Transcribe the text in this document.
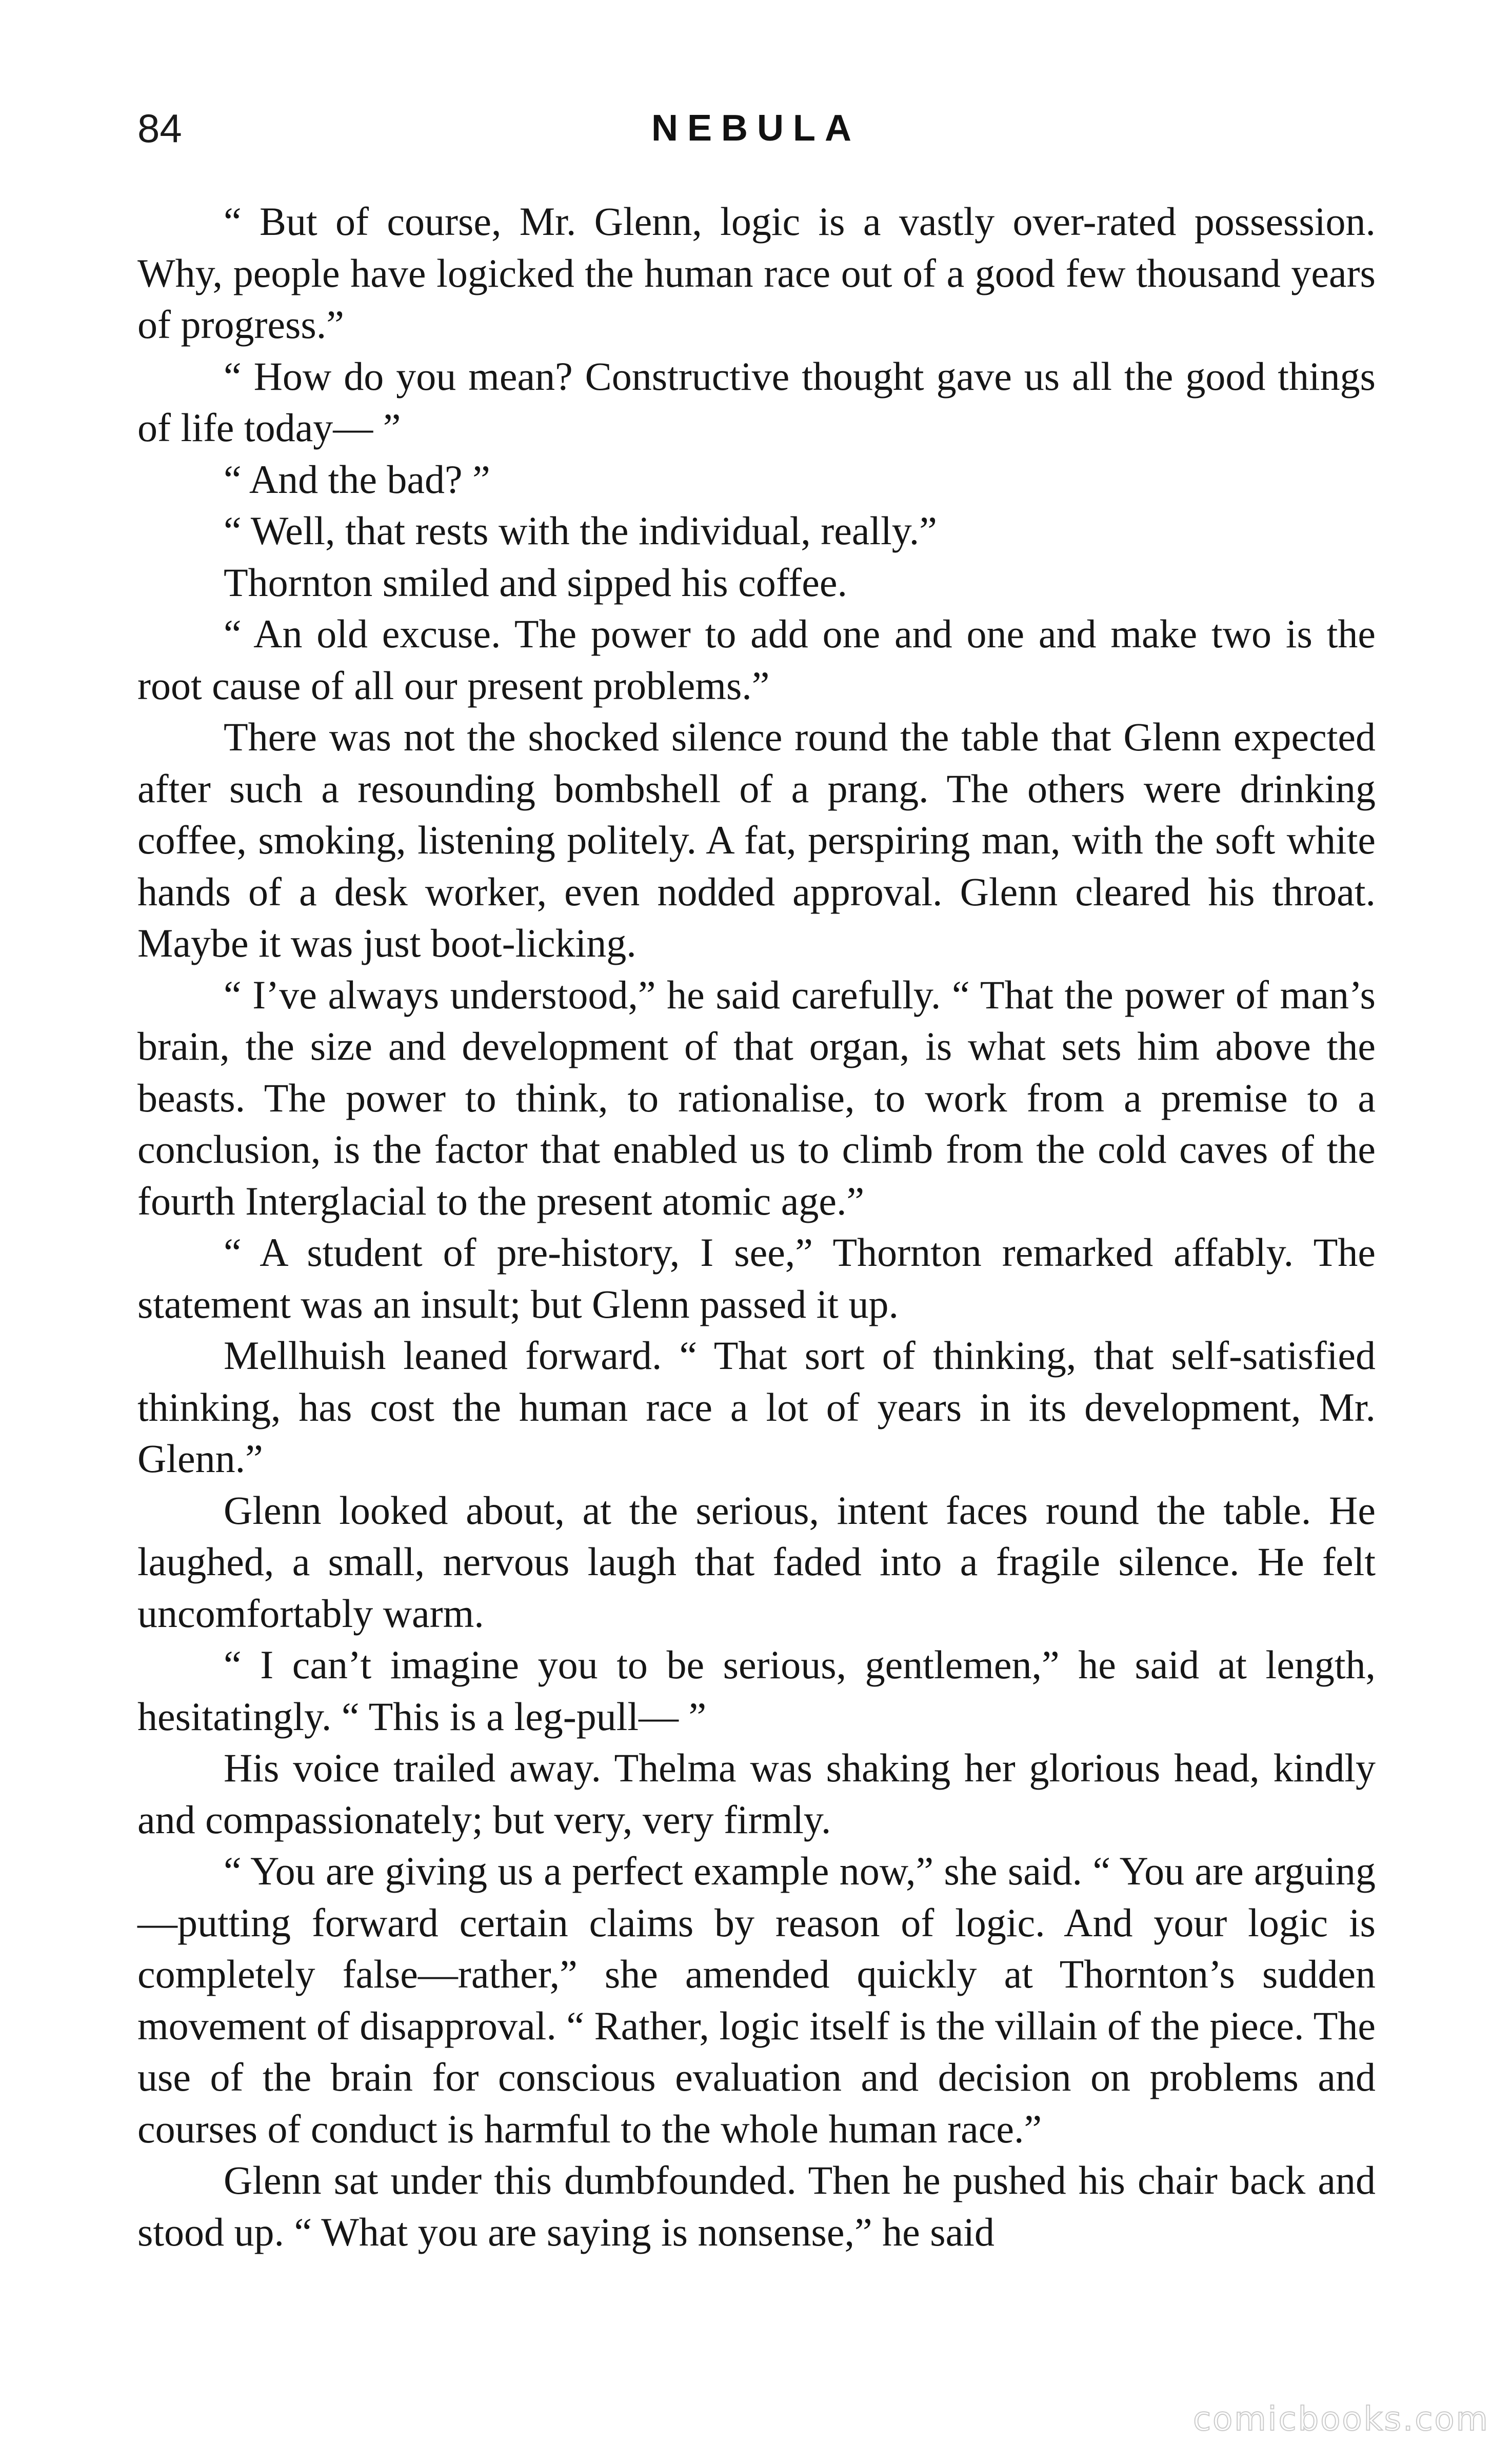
84	NEBULA

“ But of course, Mr. Glenn, logic is a vastly over-rated possession. Why, people have logicked the human race out of a good few thousand years of progress.”

“ How do you mean? Constructive thought gave us all the good things of life today— ”

“ And the bad? ”

“ Well, that rests with the individual, really.”

Thornton smiled and sipped his coffee.

“ An old excuse. The power to add one and one and make two is the root cause of all our present problems.”

There was not the shocked silence round the table that Glenn expected after such a resounding bombshell of a prang. The others were drinking coffee, smoking, listening politely. A fat, perspiring man, with the soft white hands of a desk worker, even nodded approval. Glenn cleared his throat. Maybe it was just boot-licking.

“ I’ve always understood,” he said carefully. “ That the power of man’s brain, the size and development of that organ, is what sets him above the beasts. The power to think, to rationalise, to work from a premise to a conclusion, is the factor that enabled us to climb from the cold caves of the fourth Interglacial to the present atomic age.”

“ A student of pre-history, I see,” Thornton remarked affably. The statement was an insult; but Glenn passed it up.

Mellhuish leaned forward. “ That sort of thinking, that self-satisfied thinking, has cost the human race a lot of years in its development, Mr. Glenn.”

Glenn looked about, at the serious, intent faces round the table. He laughed, a small, nervous laugh that faded into a fragile silence. He felt uncomfortably warm.

“ I can’t imagine you to be serious, gentlemen,” he said at length, hesitatingly. “ This is a leg-pull— ”

His voice trailed away. Thelma was shaking her glorious head, kindly and compassionately; but very, very firmly.

“ You are giving us a perfect example now,” she said. “ You are arguing—putting forward certain claims by reason of logic. And your logic is completely false—rather,” she amended quickly at Thornton’s sudden movement of disapproval. “ Rather, logic itself is the villain of the piece. The use of the brain for conscious evaluation and decision on problems and courses of conduct is harmful to the whole human race.”

Glenn sat under this dumbfounded. Then he pushed his chair back and stood up. “ What you are saying is nonsense,” he said

comicbooks.com
